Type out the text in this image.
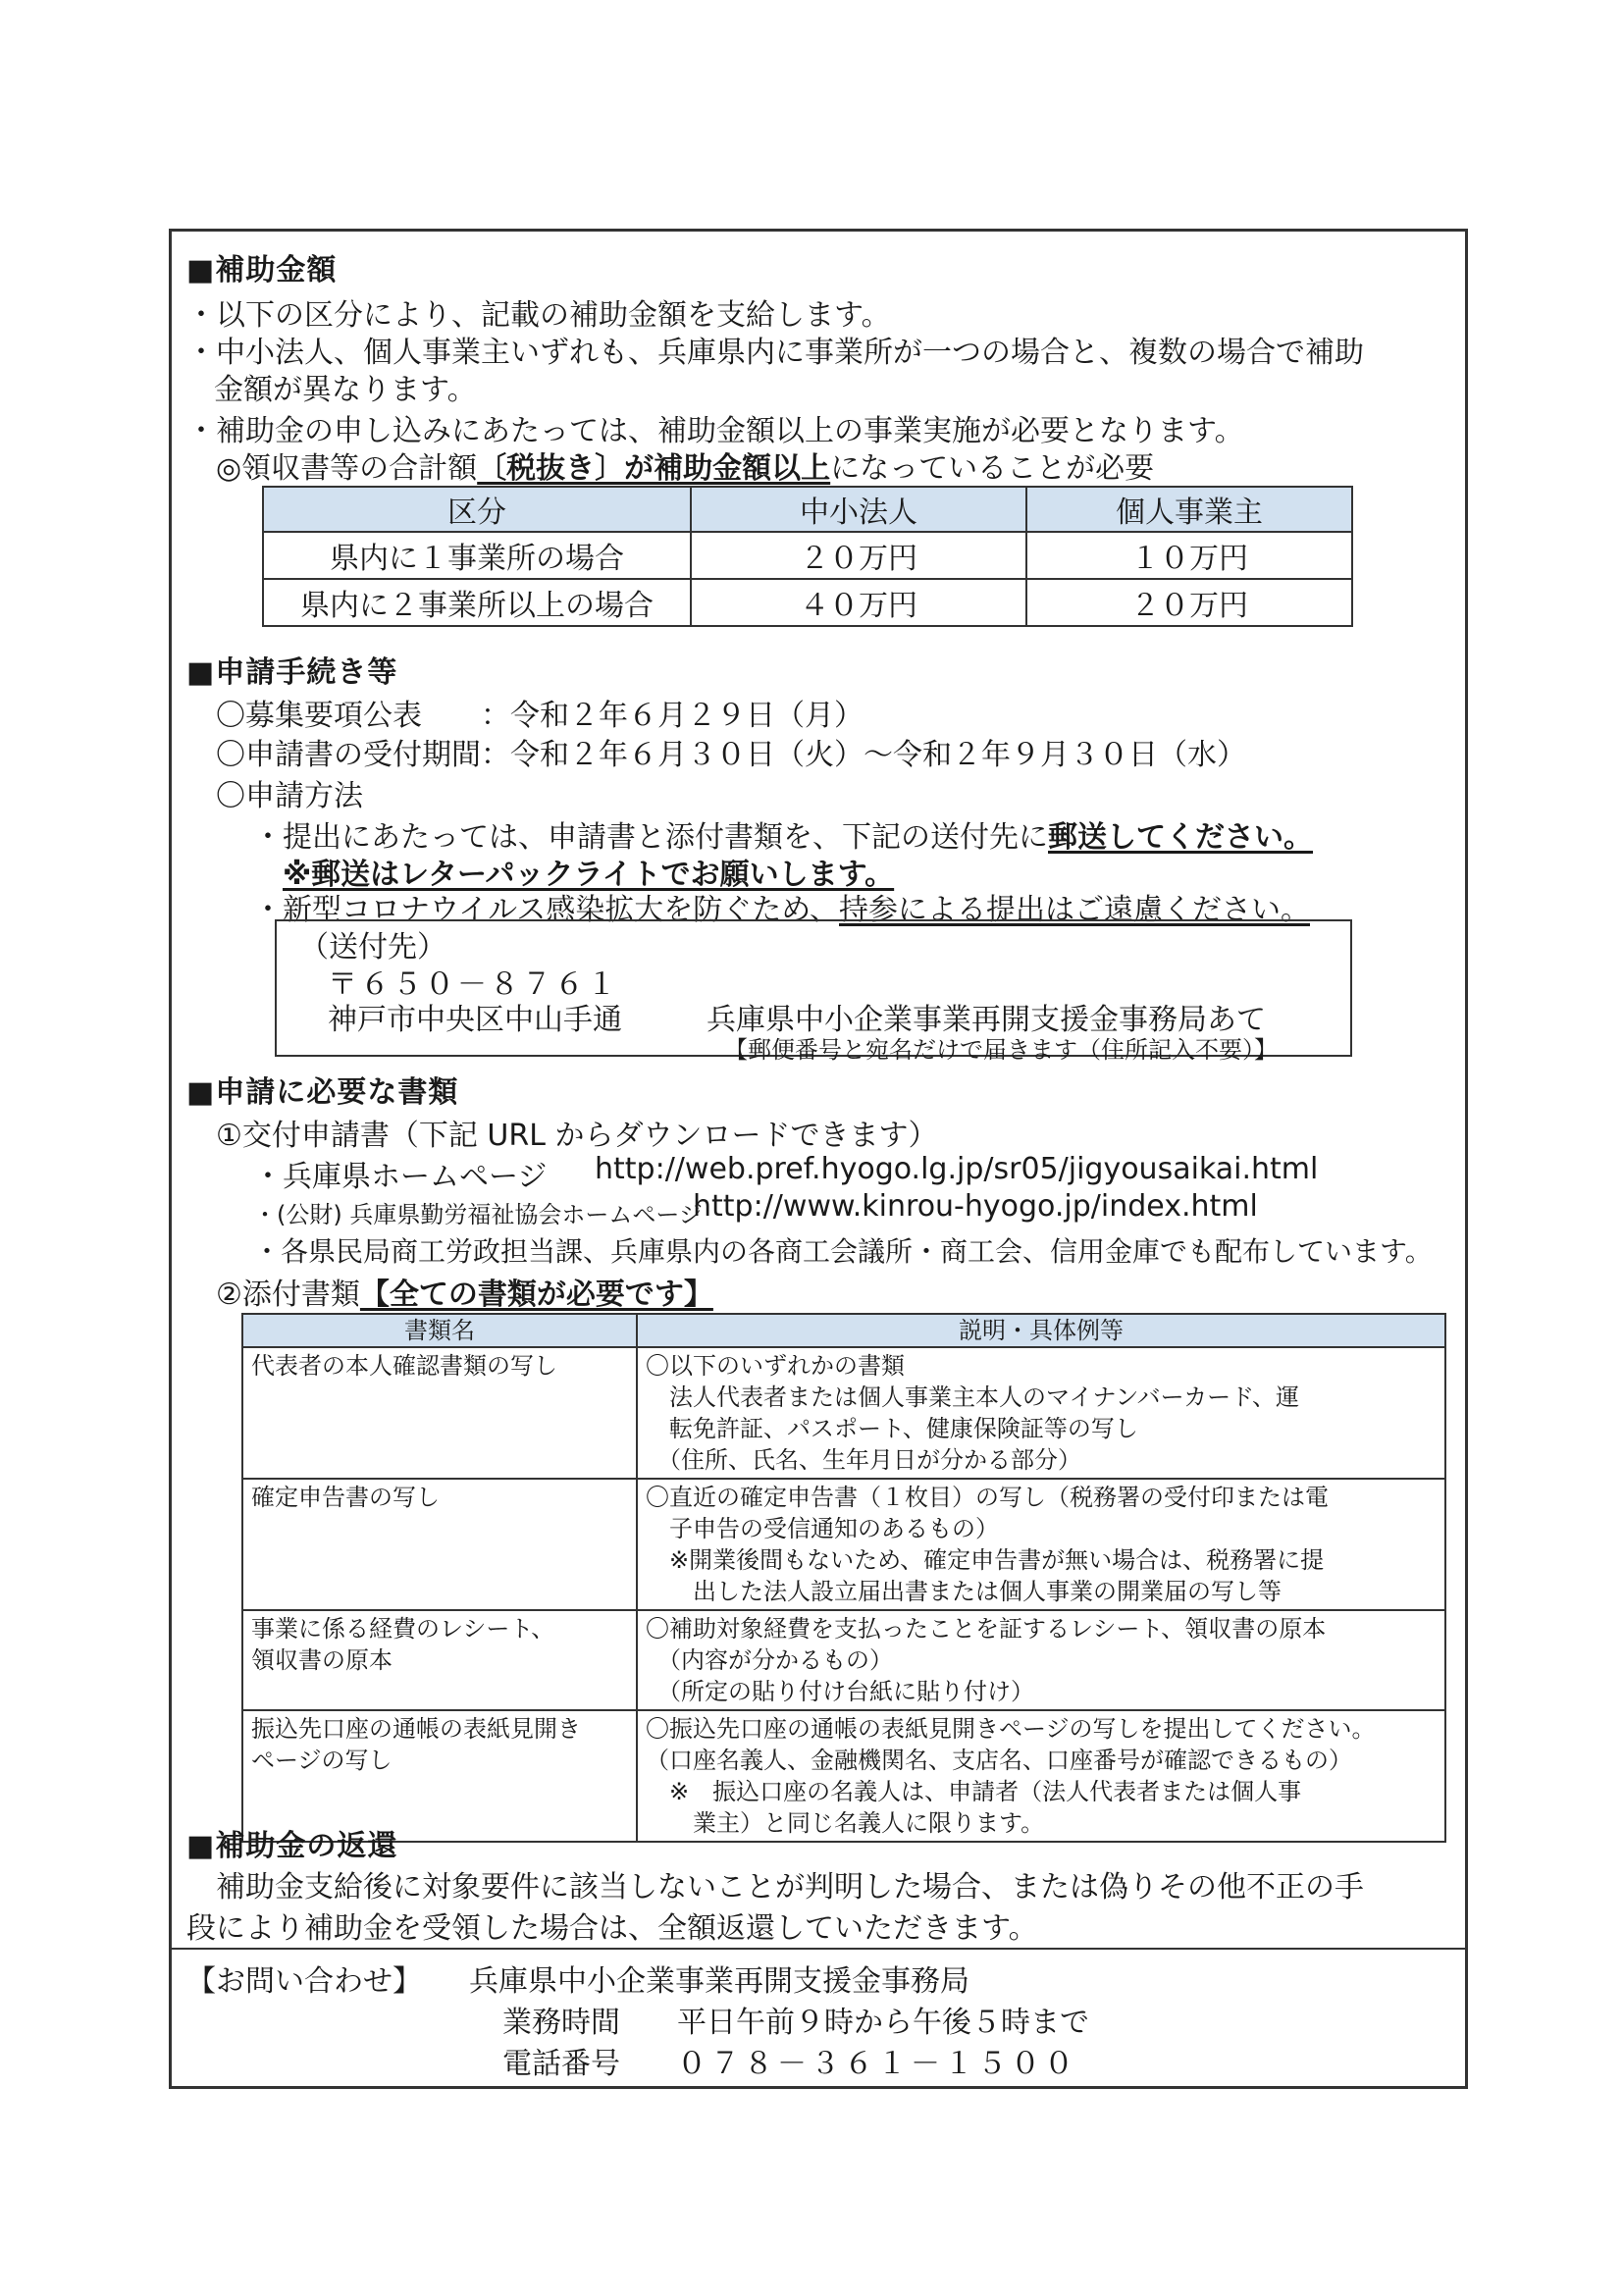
■補助金額
・以下の区分により、記載の補助金額を支給します。
・中小法人、個人事業主いずれも、兵庫県内に事業所が一つの場合と、複数の場合で補助
金額が異なります。
・補助金の申し込みにあたっては、補助金額以上の事業実施が必要となります。
◎領収書等の合計額〔税抜き〕が補助金額以上になっていることが必要
区分	中小法人	個人事業主
県内に１事業所の場合	２０万円	１０万円
県内に２事業所以上の場合	４０万円	２０万円
■申請手続き等
〇募集要項公表　　：令和２年６月２９日（月）
〇申請書の受付期間：令和２年６月３０日（火）～令和２年９月３０日（水）
〇申請方法
・提出にあたっては、申請書と添付書類を、下記の送付先に郵送してください。
※郵送はレターパックライトでお願いします。
・新型コロナウイルス感染拡大を防ぐため、持参による提出はご遠慮ください。
（送付先）
〒６５０－８７６１
神戸市中央区中山手通	兵庫県中小企業事業再開支援金事務局あて
【郵便番号と宛名だけで届きます（住所記入不要）】
■申請に必要な書類
①交付申請書（下記 URL からダウンロードできます）
・兵庫県ホームページ http://web.pref.hyogo.lg.jp/sr05/jigyousaikai.html
・(公財) 兵庫県勤労福祉協会ホームページ
http://www.kinrou-hyogo.jp/index.html
・各県民局商工労政担当課、兵庫県内の各商工会議所・商工会、信用金庫でも配布しています。
②添付書類【全ての書類が必要です】
書類名	説明・具体例等

代表者の本人確認書類の写し	〇以下のいずれかの書類
　法人代表者または個人事業主本人のマイナンバーカード、運
　転免許証、パスポート、健康保険証等の写し
　（住所、氏名、生年月日が分かる部分）

確定申告書の写し	〇直近の確定申告書（１枚目）の写し（税務署の受付印または電
　子申告の受信通知のあるもの）
　※開業後間もないため、確定申告書が無い場合は、税務署に提
　　出した法人設立届出書または個人事業の開業届の写し等

事業に係る経費のレシート、
領収書の原本	〇補助対象経費を支払ったことを証するレシート、領収書の原本
　（内容が分かるもの）
　（所定の貼り付け台紙に貼り付け）

振込先口座の通帳の表紙見開き
ページの写し	〇振込先口座の通帳の表紙見開きページの写しを提出してください。
（口座名義人、金融機関名、支店名、口座番号が確認できるもの）
　※　振込口座の名義人は、申請者（法人代表者または個人事
　　業主）と同じ名義人に限ります。
■補助金の返還
補助金支給後に対象要件に該当しないことが判明した場合、または偽りその他不正の手
段により補助金を受領した場合は、全額返還していただきます。
【お問い合わせ】 兵庫県中小企業事業再開支援金事務局
業務時間 平日午前９時から午後５時まで
電話番号 ０７８－３６１－１５００
